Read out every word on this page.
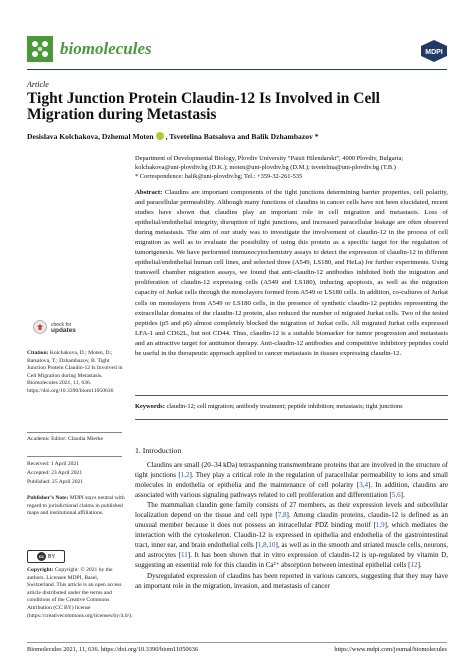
biomolecules	MDPI
Article
Tight Junction Protein Claudin-12 Is Involved in Cell Migration during Metastasis
Desislava Kolchakova, Dzhemal Moten , Tsvetelina Batsalova and Balik Dzhambazov *

Department of Developmental Biology, Plovdiv University “Paisii Hilendarski”, 4000 Plovdiv, Bulgaria;

kolchakova@uni-plovdiv.bg (D.K.); moten@uni-plovdiv.bg (D.M.); tsvetelina@uni-plovdiv.bg (T.B.)

* Correspondence: balik@uni-plovdiv.bg; Tel.: +359-32-261-535

Abstract: Claudins are important components of the tight junctions determining barrier properties, cell polarity, and paracellular permeability. Although many functions of claudins in cancer cells have not been elucidated, recent studies have shown that claudins play an important role in cell migration and metastasis. Loss of epithelial/endothelial integrity, disruption of tight junctions, and increased paracellular leakage are often observed during metastasis. The aim of our study was to investigate the involvement of claudin-12 in the process of cell migration as well as to evaluate the possibility of using this protein as a specific target for the regulation of tumorigenesis. We have performed immunocytochemistry assays to detect the expression of claudin-12 in different epithelial/endothelial human cell lines, and selected three (A549, LS180, and HeLa) for further experiments. Using transwell chamber migration assays, we found that anti-claudin-12 antibodies inhibited both the migration and proliferation of claudin-12 expressing cells (A549 and LS180), inducing apoptosis, as well as the migration capacity of Jurkat cells through the monolayers formed from A549 or LS180 cells. In addition, co-cultures of Jurkat cells on monolayers from A549 or LS180 cells, in the presence of synthetic claudin-12 peptides representing the extracellular domains of the claudin-12 protein, also reduced the number of migrated Jurkat cells. Two of the tested peptides (p5 and p6) almost completely blocked the migration of Jurkat cells. All migrated Jurkat cells expressed LFA-1 and CD62L, but not CD44. Thus, claudin-12 is a suitable biomarker for tumor progression and metastasis and an attractive target for antitumor therapy. Anti-claudin-12 antibodies and competitive inhibitory peptides could be useful in the therapeutic approach applied to cancer metastasis in tissues expressing claudin-12.
Keywords: claudin-12; cell migration; antibody treatment; peptide inhibition; metastasis; tight junctions
1. Introduction

Claudins are small (20–34 kDa) tetraspanning transmembrane proteins that are involved in the structure of tight junctions [1,2]. They play a critical role in the regulation of paracellular permeability to ions and small molecules in endothelia or epithelia and the maintenance of cell polarity [3,4]. In addition, claudins are associated with various signaling pathways related to cell proliferation and differentiation [5,6].

The mammalian claudin gene family consists of 27 members, as their expression levels and subcellular localization depend on the tissue and cell type [7,8]. Among claudin proteins, claudin-12 is defined as an unusual member because it does not possess an intracellular PDZ binding motif [1,9], which mediates the interaction with the cytoskeleton. Claudin-12 is expressed in epithelia and endothelia of the gastrointestinal tract, inner ear, and brain endothelial cells [1,8,10], as well as in the smooth and striated muscle cells, neurons, and astrocytes [11]. It has been shown that in vitro expression of claudin-12 is up-regulated by vitamin D, suggesting an essential role for this claudin in Ca²⁺ absorption between intestinal epithelial cells [12].

Dysregulated expression of claudins has been reported in various cancers, suggesting that they may have an important role in the migration, invasion, and metastasis of cancer

check for
updates
Citation: Kolchakova, D.; Moten, D.; Batsalova, T.; Dzhambazov, B. Tight Junction Protein Claudin-12 Is Involved in Cell Migration during Metastasis. Biomolecules 2021, 11, 636. https://doi.org/10.3390/biom11050636
Academic Editor: Claudia Mierke
Received: 1 April 2021
Accepted: 23 April 2021
Published: 25 April 2021
Publisher’s Note: MDPI stays neutral with regard to jurisdictional claims in published maps and institutional affiliations.
cc BY
Copyright: Copyright: © 2021 by the authors. Licensee MDPI, Basel, Switzerland. This article is an open access article distributed under the terms and conditions of the Creative Commons Attribution (CC BY) license (https://creativecommons.org/licenses/by/4.0/).
Biomolecules 2021, 11, 636. https://doi.org/10.3390/biom11050636	https://www.mdpi.com/journal/biomolecules
